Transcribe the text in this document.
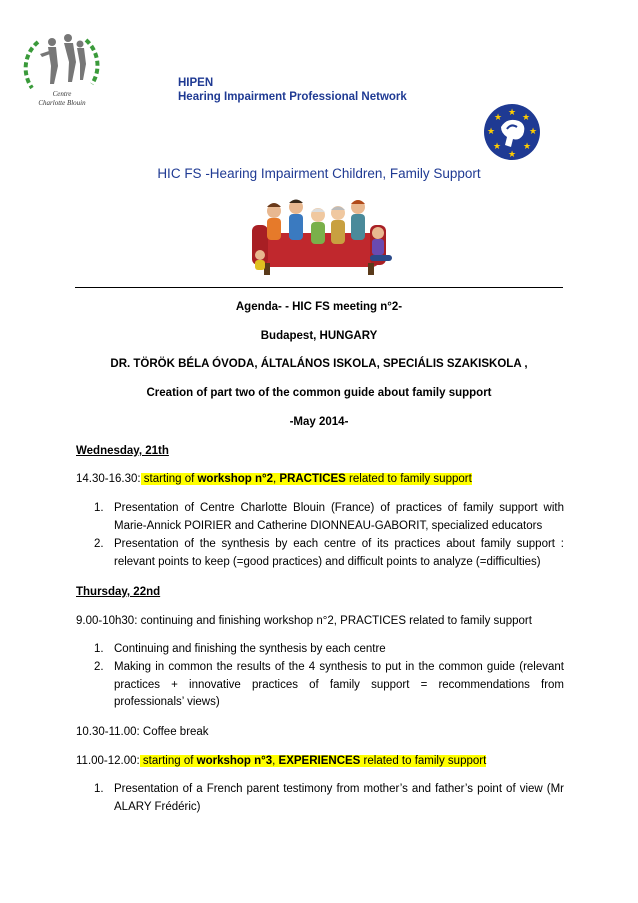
Centre
Charlotte Blouin
HIPEN
Hearing Impairment Professional Network
★ ★
★
★
★
★
★
★
HIC FS -Hearing Impairment Children, Family Support
Agenda- - HIC FS meeting n°2-
Budapest, HUNGARY
DR. TÖRÖK BÉLA ÓVODA, ÁLTALÁNOS ISKOLA, SPECIÁLIS SZAKISKOLA ,
Creation of part two of the common guide about family support
-May 2014-
Wednesday, 21th
14.30-16.30: starting of workshop n°2, PRACTICES related to family support
1. Presentation of Centre Charlotte Blouin (France) of practices of family support with Marie-Annick POIRIER and Catherine DIONNEAU-GABORIT, specialized educators
2. Presentation of the synthesis by each centre of its practices about family support : relevant points to keep (=good practices) and difficult points to analyze (=difficulties)
Thursday, 22nd
9.00-10h30: continuing and finishing workshop n°2, PRACTICES related to family support
1. Continuing and finishing the synthesis by each centre
2. Making in common the results of the 4 synthesis to put in the common guide (relevant practices + innovative practices of family support = recommendations from professionals’ views)
10.30-11.00: Coffee break
11.00-12.00: starting of workshop n°3, EXPERIENCES related to family support
1. Presentation of a French parent testimony from mother’s and father’s point of view (Mr ALARY Frédéric)
